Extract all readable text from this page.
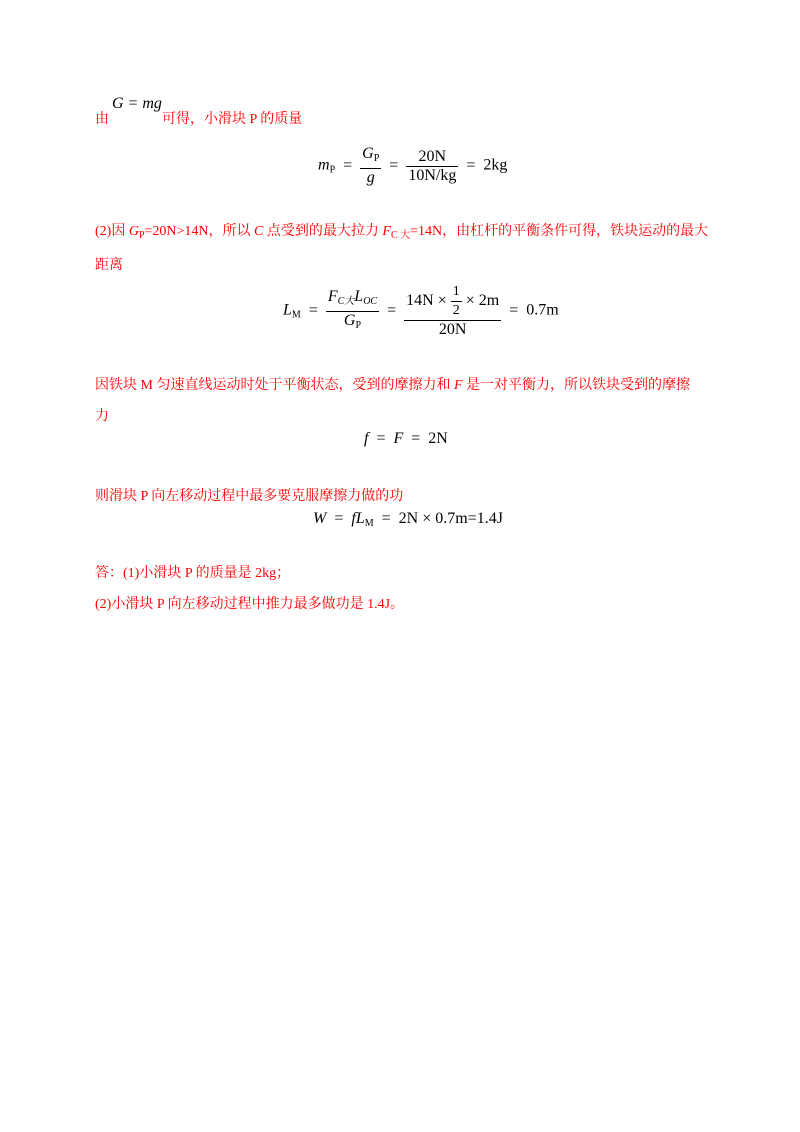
由
G = mg
可得，小滑块 P 的质量
$m_P = \frac{G_P}{g} = \frac{20N}{10N/kg} = 2kg$
(2)因 $G_P=20N>14N$，所以 C 点受到的最大拉力 $F_{C 大}=14N$，由杠杆的平衡条件可得，铁块运动的最大
距离
$L_M = \frac{F_{C大}L_{OC}}{G_P} = \frac{14N \times \frac{1}{2} \times 2m}{20N} = 0.7m$
因铁块 M 匀速直线运动时处于平衡状态，受到的摩擦力和 F 是一对平衡力，所以铁块受到的摩擦
力
f = F = 2N
则滑块 P 向左移动过程中最多要克服摩擦力做的功
$W = fL_M = 2N \times 0.7m=1.4J$
答：(1)小滑块 P 的质量是 2kg；
(2)小滑块 P 向左移动过程中推力最多做功是 1.4J。
